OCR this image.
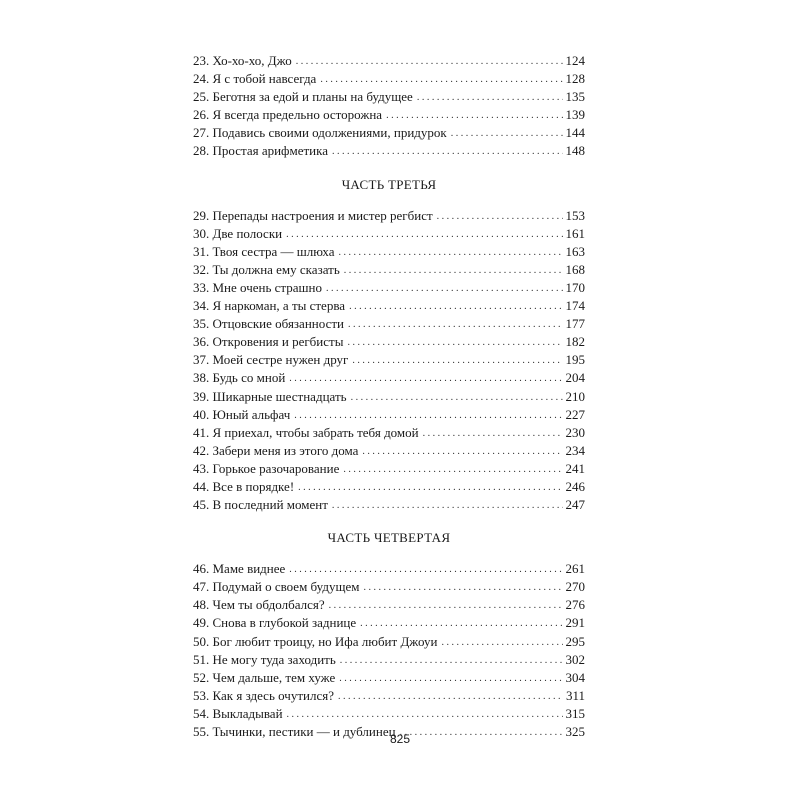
23. Хо-хо-хо, Джо . . .	124
24. Я с тобой навсегда . . .	128
25. Беготня за едой и планы на будущее . . .	135
26. Я всегда предельно осторожна . . .	139
27. Подавись своими одолжениями, придурок . . .	144
28. Простая арифметика . . .	148
ЧАСТЬ ТРЕТЬЯ
29. Перепады настроения и мистер регбист . . .	153
30. Две полоски . . .	161
31. Твоя сестра — шлюха . . .	163
32. Ты должна ему сказать . . .	168
33. Мне очень страшно . . .	170
34. Я наркоман, а ты стерва . . .	174
35. Отцовские обязанности . . .	177
36. Откровения и регбисты . . .	182
37. Моей сестре нужен друг . . .	195
38. Будь со мной . . .	204
39. Шикарные шестнадцать . . .	210
40. Юный альфач . . .	227
41. Я приехал, чтобы забрать тебя домой . . .	230
42. Забери меня из этого дома . . .	234
43. Горькое разочарование . . .	241
44. Все в порядке! . . .	246
45. В последний момент . . .	247
ЧАСТЬ ЧЕТВЕРТАЯ
46. Маме виднее . . .	261
47. Подумай о своем будущем . . .	270
48. Чем ты обдолбался? . . .	276
49. Снова в глубокой заднице . . .	291
50. Бог любит троицу, но Ифа любит Джоуи . . .	295
51. Не могу туда заходить . . .	302
52. Чем дальше, тем хуже . . .	304
53. Как я здесь очутился? . . .	311
54. Выкладывай . . .	315
55. Тычинки, пестики — и дублинец . . .	325
825
